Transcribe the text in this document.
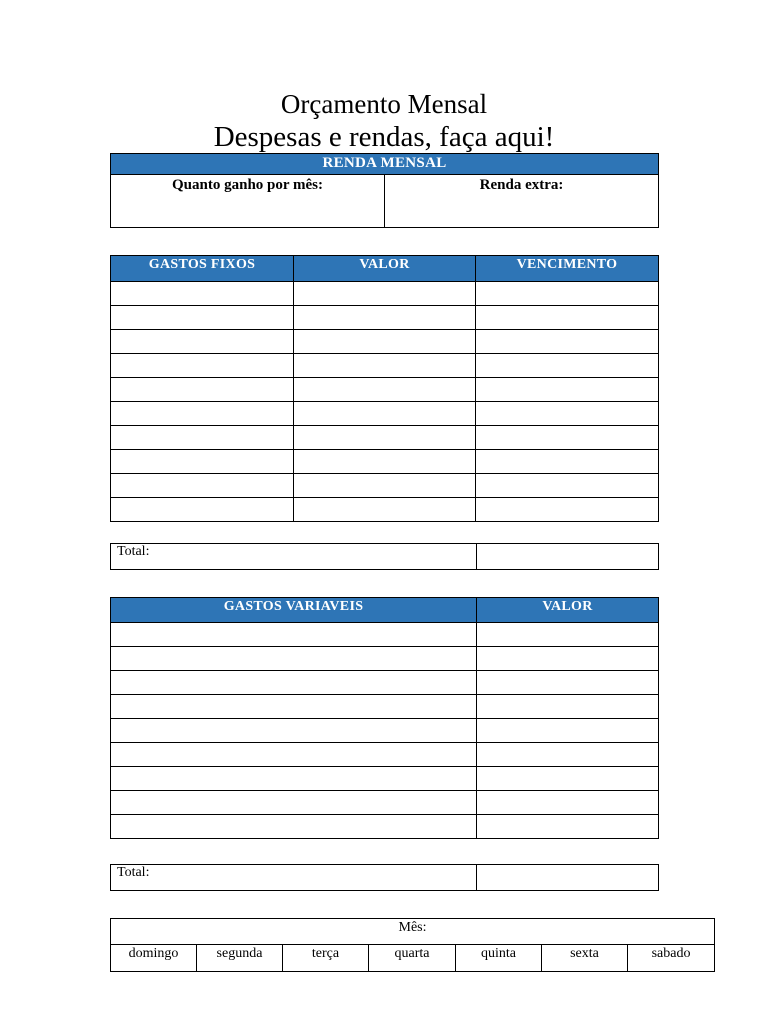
Orçamento Mensal
Despesas e rendas, faça aqui!
RENDA MENSAL
Quanto ganho por mês:	Renda extra:
GASTOS FIXOS	VALOR	VENCIMENTO

Total:	
GASTOS VARIAVEIS	VALOR

Total:	
Mês:
domingo	segunda	terça	quarta	quinta	sexta	sabado
